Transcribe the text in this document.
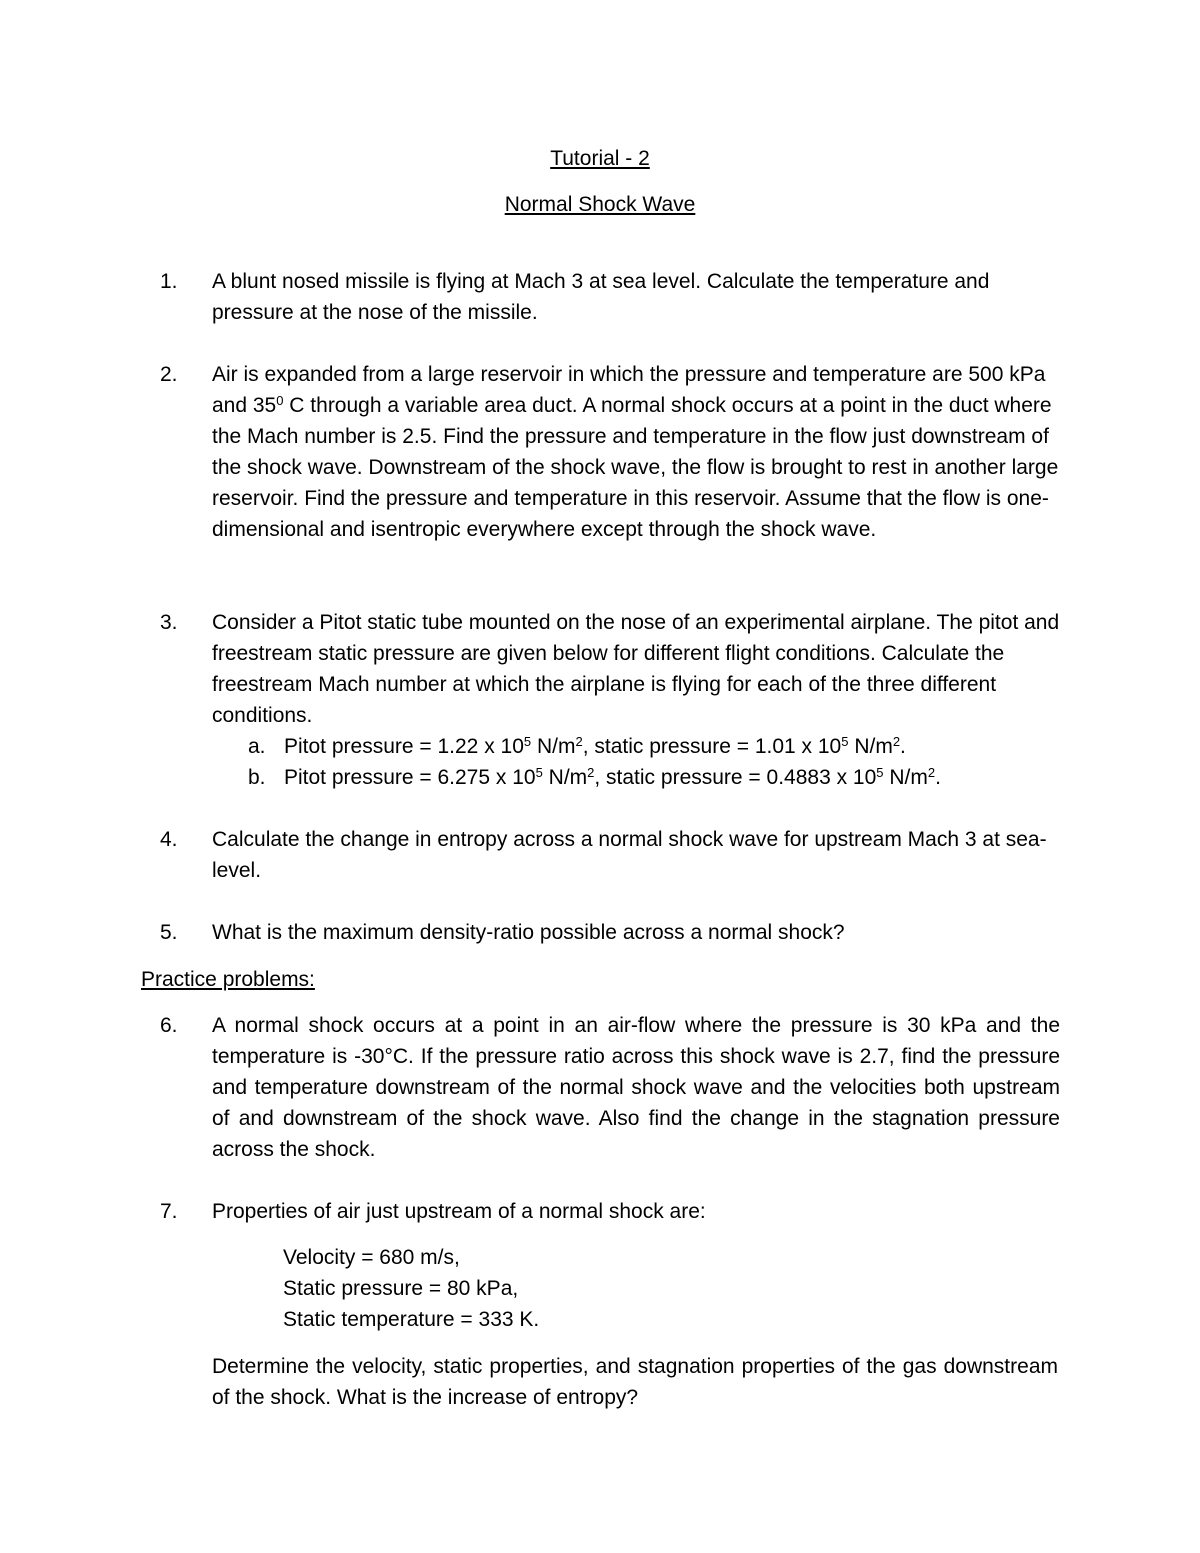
Tutorial - 2
Normal Shock Wave
1.	A blunt nosed missile is flying at Mach 3 at sea level. Calculate the temperature and pressure at the nose of the missile.
2.	Air is expanded from a large reservoir in which the pressure and temperature are 500 kPa and $35^0$ C through a variable area duct. A normal shock occurs at a point in the duct where the Mach number is 2.5. Find the pressure and temperature in the flow just downstream of the shock wave. Downstream of the shock wave, the flow is brought to rest in another large reservoir. Find the pressure and temperature in this reservoir. Assume that the flow is one-dimensional and isentropic everywhere except through the shock wave.
3.	Consider a Pitot static tube mounted on the nose of an experimental airplane. The pitot and freestream static pressure are given below for different flight conditions. Calculate the freestream Mach number at which the airplane is flying for each of the three different conditions.
a. Pitot pressure = 1.22 x $10^5$ $N/m^2$, static pressure = 1.01 x $10^5$ $N/m^2$.
b. Pitot pressure = 6.275 x $10^5$ $N/m^2$, static pressure = 0.4883 x $10^5$ $N/m^2$.
4.	Calculate the change in entropy across a normal shock wave for upstream Mach 3 at sea-level.
5.	What is the maximum density-ratio possible across a normal shock?
Practice problems:
6.	A normal shock occurs at a point in an air-flow where the pressure is 30 kPa and the temperature is -30°C. If the pressure ratio across this shock wave is 2.7, find the pressure and temperature downstream of the normal shock wave and the velocities both upstream of and downstream of the shock wave. Also find the change in the stagnation pressure across the shock.
7.	Properties of air just upstream of a normal shock are:
Velocity = 680 m/s,
Static pressure = 80 kPa,
Static temperature = 333 K.
Determine the velocity, static properties, and stagnation properties of the gas downstream of the shock. What is the increase of entropy?
